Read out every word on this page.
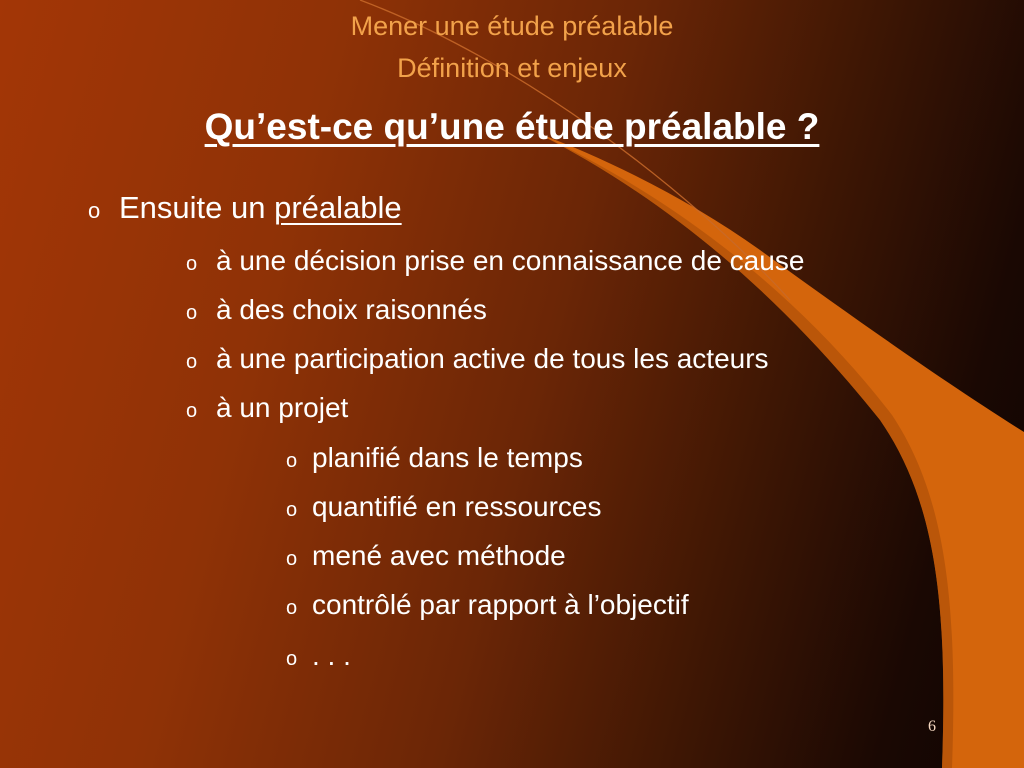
Mener une étude préalable
Définition et enjeux
Qu’est-ce qu’une étude préalable ?
o Ensuite un préalable
o à une décision prise en connaissance de cause
o à des choix raisonnés
o à une participation active de tous les acteurs
o à un projet
o planifié dans le temps
o quantifié en ressources
o mené avec méthode
o contrôlé par rapport à l’objectif
o . . .
6
